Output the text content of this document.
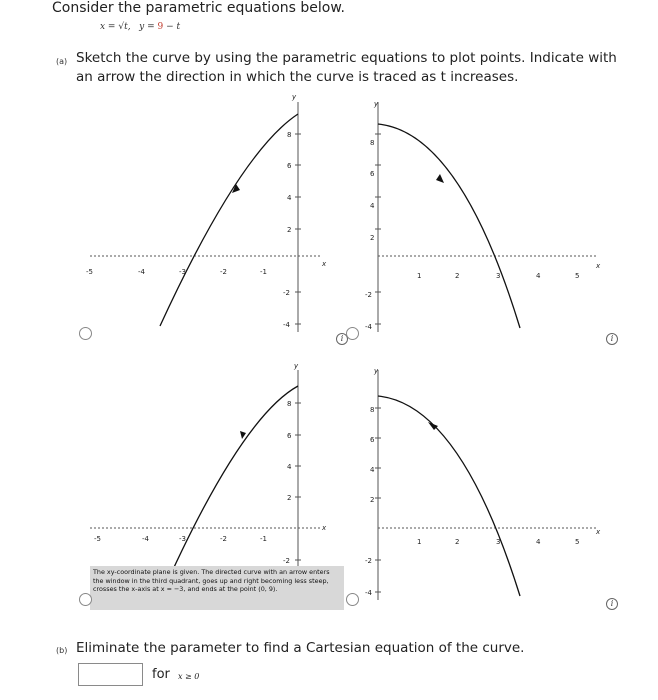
Consider the parametric equations below.
x = √t, y = 9 − t
(a) Sketch the curve by using the parametric equations to plot points. Indicate with an arrow the direction in which the curve is traced as t increases.
y
x
-5	-4	-3	-2	-1
8
6
4
2
-2
-4
y
x
1	2	3	4	5
8
6
4
2
-2
-4
i	i
y
x
-5	-4	-3	-2	-1
8
6
4
2
-2
y
x
1	2	3	4	5
8
6
4
2
-2
-4
The xy-coordinate plane is given. The directed curve with an arrow enters the window in the third quadrant, goes up and right becoming less steep, crosses the x-axis at x = −3, and ends at the point (0, 9).
i
(b) Eliminate the parameter to find a Cartesian equation of the curve.
for x ≥ 0
